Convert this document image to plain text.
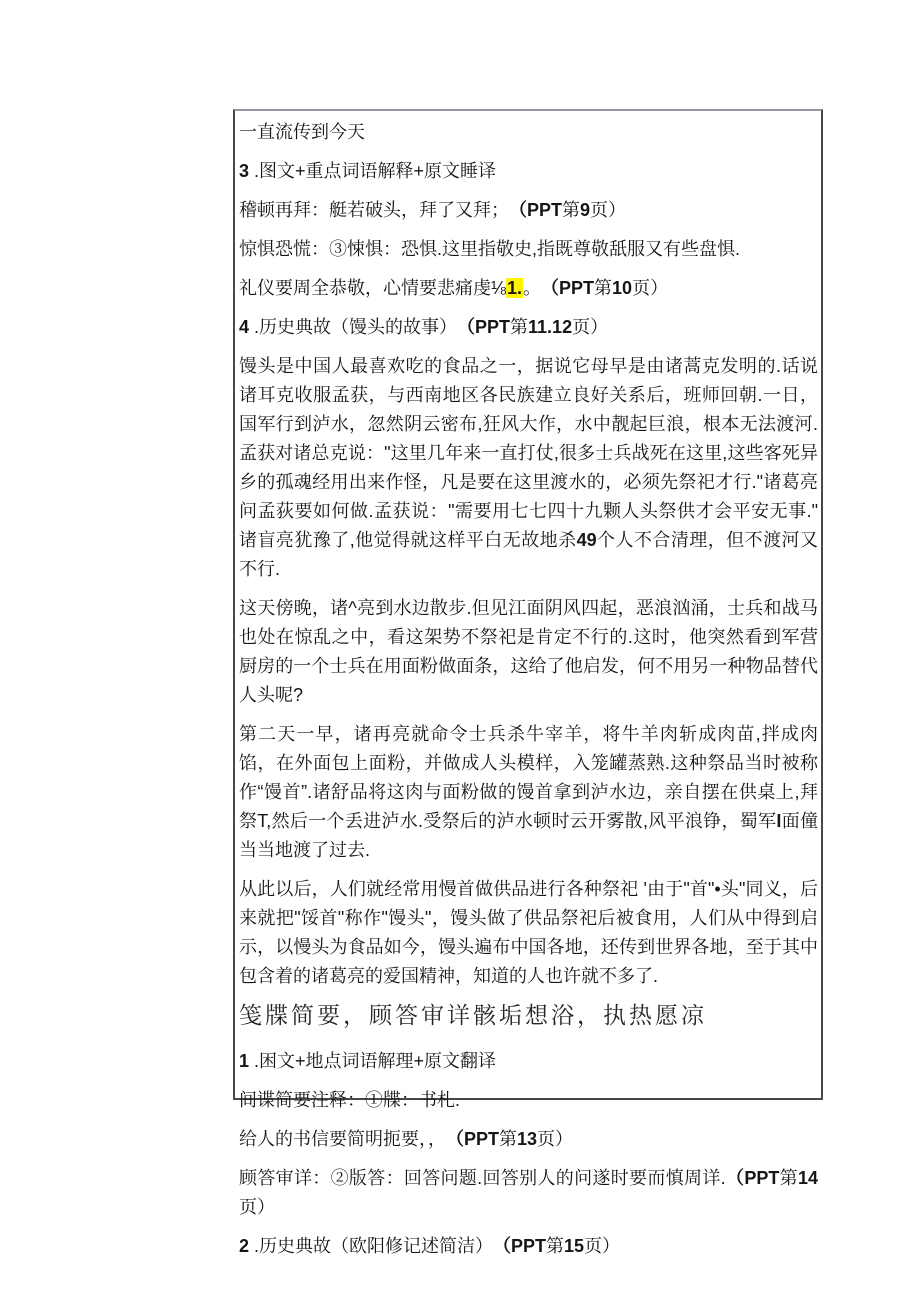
一直流传到今天

3 .图文+重点词语解释+原文睡译

稽顿再拜：艇若破头，拜了又拜；　（PPT第9页）

惊惧恐慌：③悚惧：恐惧.这里指敬史,指既尊敬舐服又有些盘惧.

礼仪要周全恭敬，心情要悲痛虔⅛1.。　（PPT第10页）

4 .历史典故（馒头的故事）　（PPT第11.12页）

馒头是中国人最喜欢吃的食品之一，据说它母早是由诸蒿克发明的.话说诸耳克收服孟获，与西南地区各民族建立良好关系后，班师回朝.一日，国军行到泸水，忽然阴云密布,狂风大作，水中靓起巨浪，根本无法渡河.孟获对诸总克说："这里几年来一直打仗,很多士兵战死在这里,这些客死异乡的孤魂经用出来作怪，凡是要在这里渡水的，必须先祭祀才行."诸葛亮问孟荻要如何做.孟获说："需要用七七四十九颗人头祭供才会平安无事." 诸盲亮犹豫了,他觉得就这样平白无故地杀49个人不合清理，但不渡河又不行.

这天傍晚，诸^亮到水边散步.但见江面阴风四起，恶浪汹涌，士兵和战马也处在惊乱之中，看这架势不祭祀是肯定不行的.这时，他突然看到军营厨房的一个士兵在用面粉做面条，这给了他启发，何不用另一种物品替代人头呢?

第二天一早，诸再亮就命令士兵杀牛宰羊，将牛羊肉斩成肉苗,拌成肉馅，在外面包上面粉，并做成人头模样，入笼罐蒸熟.这种祭品当时被称作“馒首”.诸舒品将这肉与面粉做的馒首拿到泸水边，亲自摆在供桌上,拜祭T,然后一个丢进泸水.受祭后的泸水顿时云开雾散,风平浪铮，蜀军I面僮当当地渡了过去.

从此以后，人们就经常用慢首做供品进行各种祭祀 '由于"首"•头"同义，后来就把"馁首"称作"馒头"，馒头做了供品祭祀后被食用，人们从中得到启示，以慢头为食品如今，馒头遍布中国各地，还传到世界各地，至于其中包含着的诸葛亮的爱国精神，知道的人也许就不多了.

笺牒简要，顾答审详骸垢想浴，执热愿凉

1 .困文+地点词语解理+原文翻译

间谍简要注释：①牒：书札.

给人的书信要简明扼要，，　（PPT第13页）

顾答审详：②版答：回答问题.回答别人的问遂时要而慎周详.（PPT第14页）

2 .历史典故（欧阳修记述简洁）　（PPT第15页）
